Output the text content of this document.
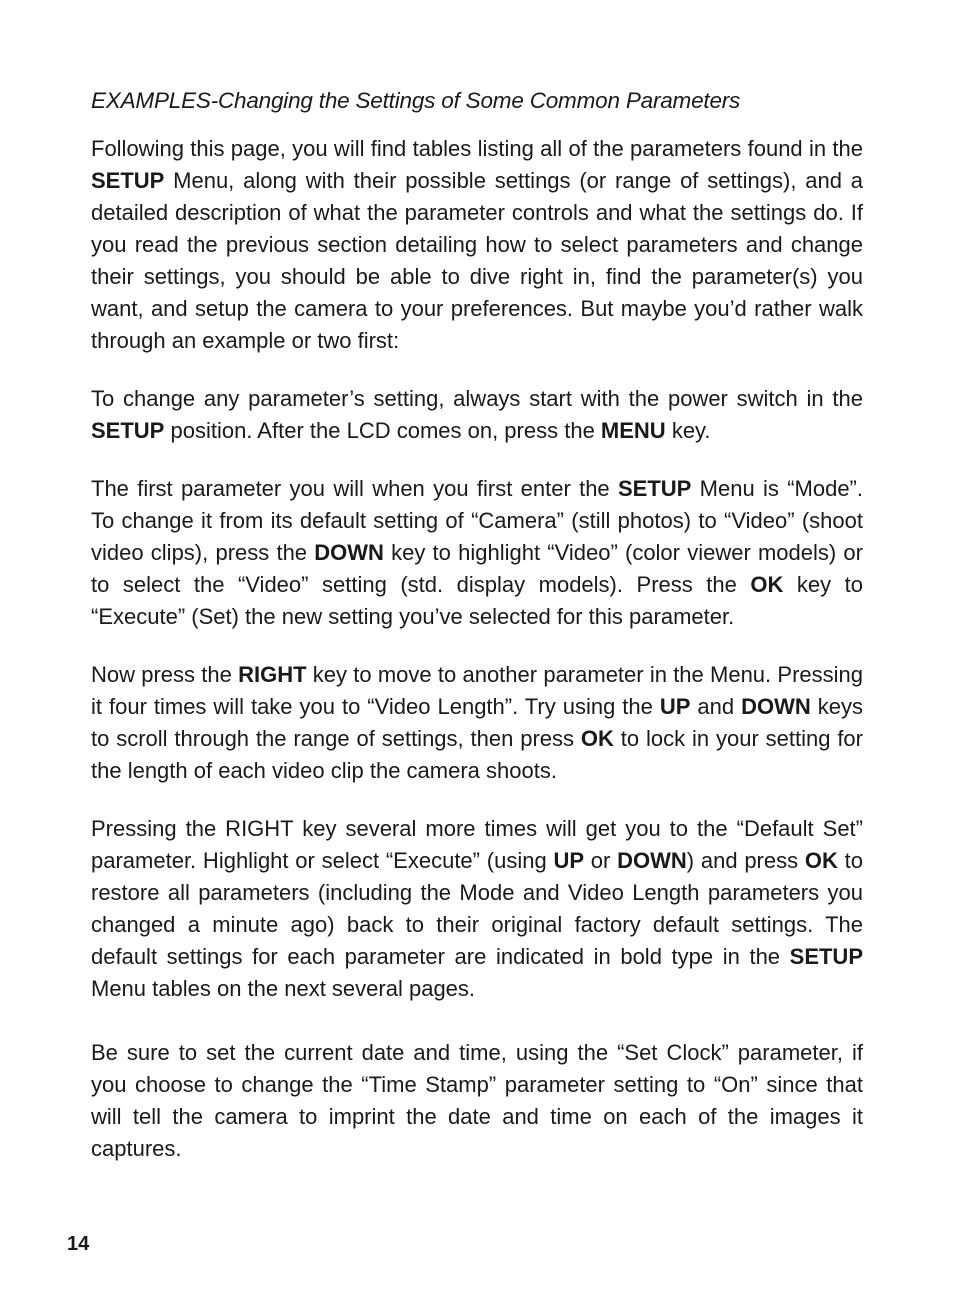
EXAMPLES-Changing the Settings of Some Common Parameters

Following this page, you will find tables listing all of the parameters found in the SETUP Menu, along with their possible settings (or range of settings), and a detailed description of what the parameter controls and what the settings do. If you read the previous section detailing how to select parameters and change their settings, you should be able to dive right in, find the parameter(s) you want, and setup the camera to your preferences. But maybe you’d rather walk through an example or two first:

To change any parameter’s setting, always start with the power switch in the SETUP position. After the LCD comes on, press the MENU key.

The first parameter you will when you first enter the SETUP Menu is “Mode”. To change it from its default setting of “Camera” (still photos) to “Video” (shoot video clips), press the DOWN key to highlight “Video” (color viewer models) or to select the “Video” setting (std. display models). Press the OK key to “Execute” (Set) the new setting you’ve selected for this parameter.

Now press the RIGHT key to move to another parameter in the Menu. Pressing it four times will take you to “Video Length”. Try using the UP and DOWN keys to scroll through the range of settings, then press OK to lock in your setting for the length of each video clip the camera shoots.

Pressing the RIGHT key several more times will get you to the “Default Set” parameter. Highlight or select “Execute” (using UP or DOWN) and press OK to restore all parameters (including the Mode and Video Length parameters you changed a minute ago) back to their original factory default settings. The default settings for each parameter are indicated in bold type in the SETUP Menu tables on the next several pages.

Be sure to set the current date and time, using the “Set Clock” parameter, if you choose to change the “Time Stamp” parameter setting to “On” since that will tell the camera to imprint the date and time on each of the images it captures.

14
